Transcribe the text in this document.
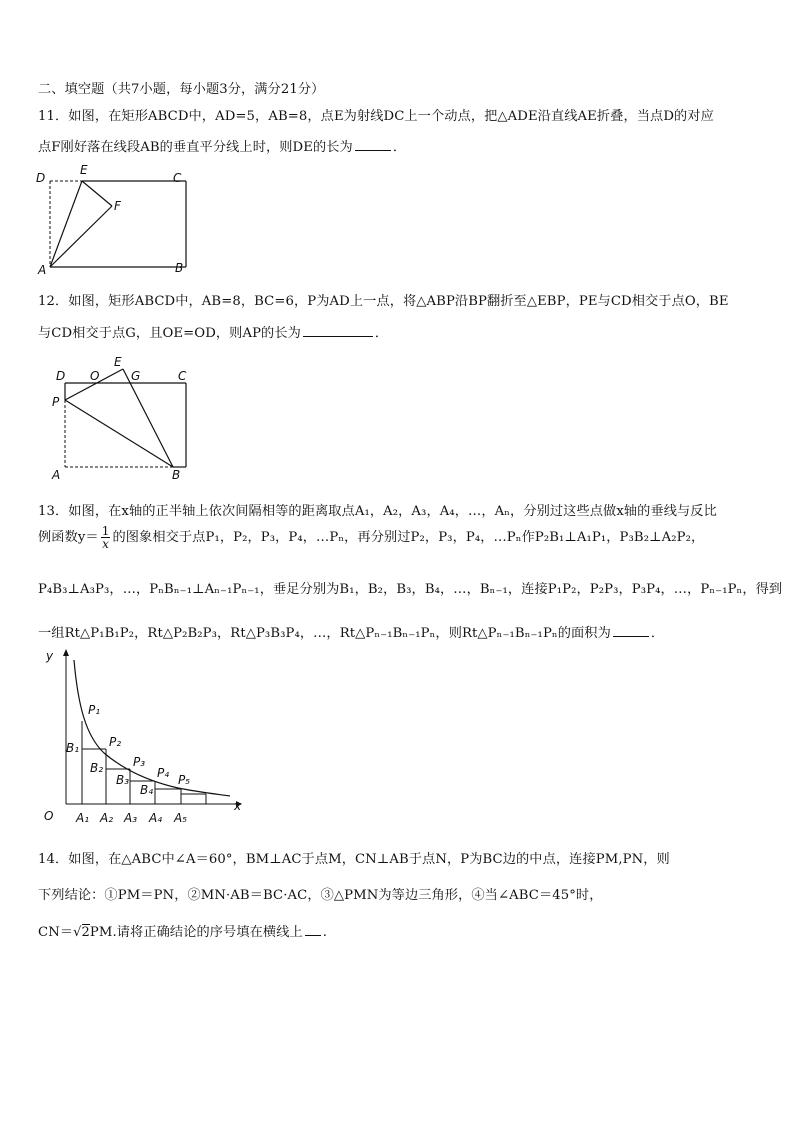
二、填空题（共7小题，每小题3分，满分21分）
11．如图，在矩形ABCD中，AD=5，AB=8，点E为射线DC上一个动点，把△ADE沿直线AE折叠，当点D的对应
点F刚好落在线段AB的垂直平分线上时，则DE的长为	．
D
E
C
F
A	B
12．如图，矩形ABCD中，AB=8，BC=6，P为AD上一点，将△ABP沿BP翻折至△EBP，PE与CD相交于点O，BE
与CD相交于点G，且OE=OD，则AP的长为	．
D O
E
G	C
P
A	B
13．如图，在x轴的正半轴上依次间隔相等的距离取点A₁，A₂，A₃，A₄，…，Aₙ，分别过这些点做x轴的垂线与反比
例函数$y= \frac{1}{x}$ 的图象相交于点P₁，P₂，P₃，P₄，…Pₙ，再分别过P₂，P₃，P₄，…Pₙ作P₂B₁⊥A₁P₁，P₃B₂⊥A₂P₂，
P₄B₃⊥A₃P₃，…，PₙBₙ₋₁⊥Aₙ₋₁Pₙ₋₁，垂足分别为B₁，B₂，B₃，B₄，…，Bₙ₋₁，连接P₁P₂，P₂P₃，P₃P₄，…，Pₙ₋₁Pₙ，得到
一组Rt△P₁B₁P₂，Rt△P₂B₂P₃，Rt△P₃B₃P₄，…，Rt△Pₙ₋₁Bₙ₋₁Pₙ，则Rt△Pₙ₋₁Bₙ₋₁Pₙ的面积为	．
y
x
O A₁ A₂ A₃ A₄ A₅
P₁
P₂
P₃
P₄ P₅
B₁
B₂
B₃
B₄
14．如图，在△ABC中∠A＝60°，BM⊥AC于点M，CN⊥AB于点N，P为BC边的中点，连接PM,PN，则
下列结论：①PM＝PN，②MN·AB＝BC·AC，③△PMN为等边三角形，④当∠ABC＝45°时，
CN＝√2PM.请将正确结论的序号填在横线上 .
